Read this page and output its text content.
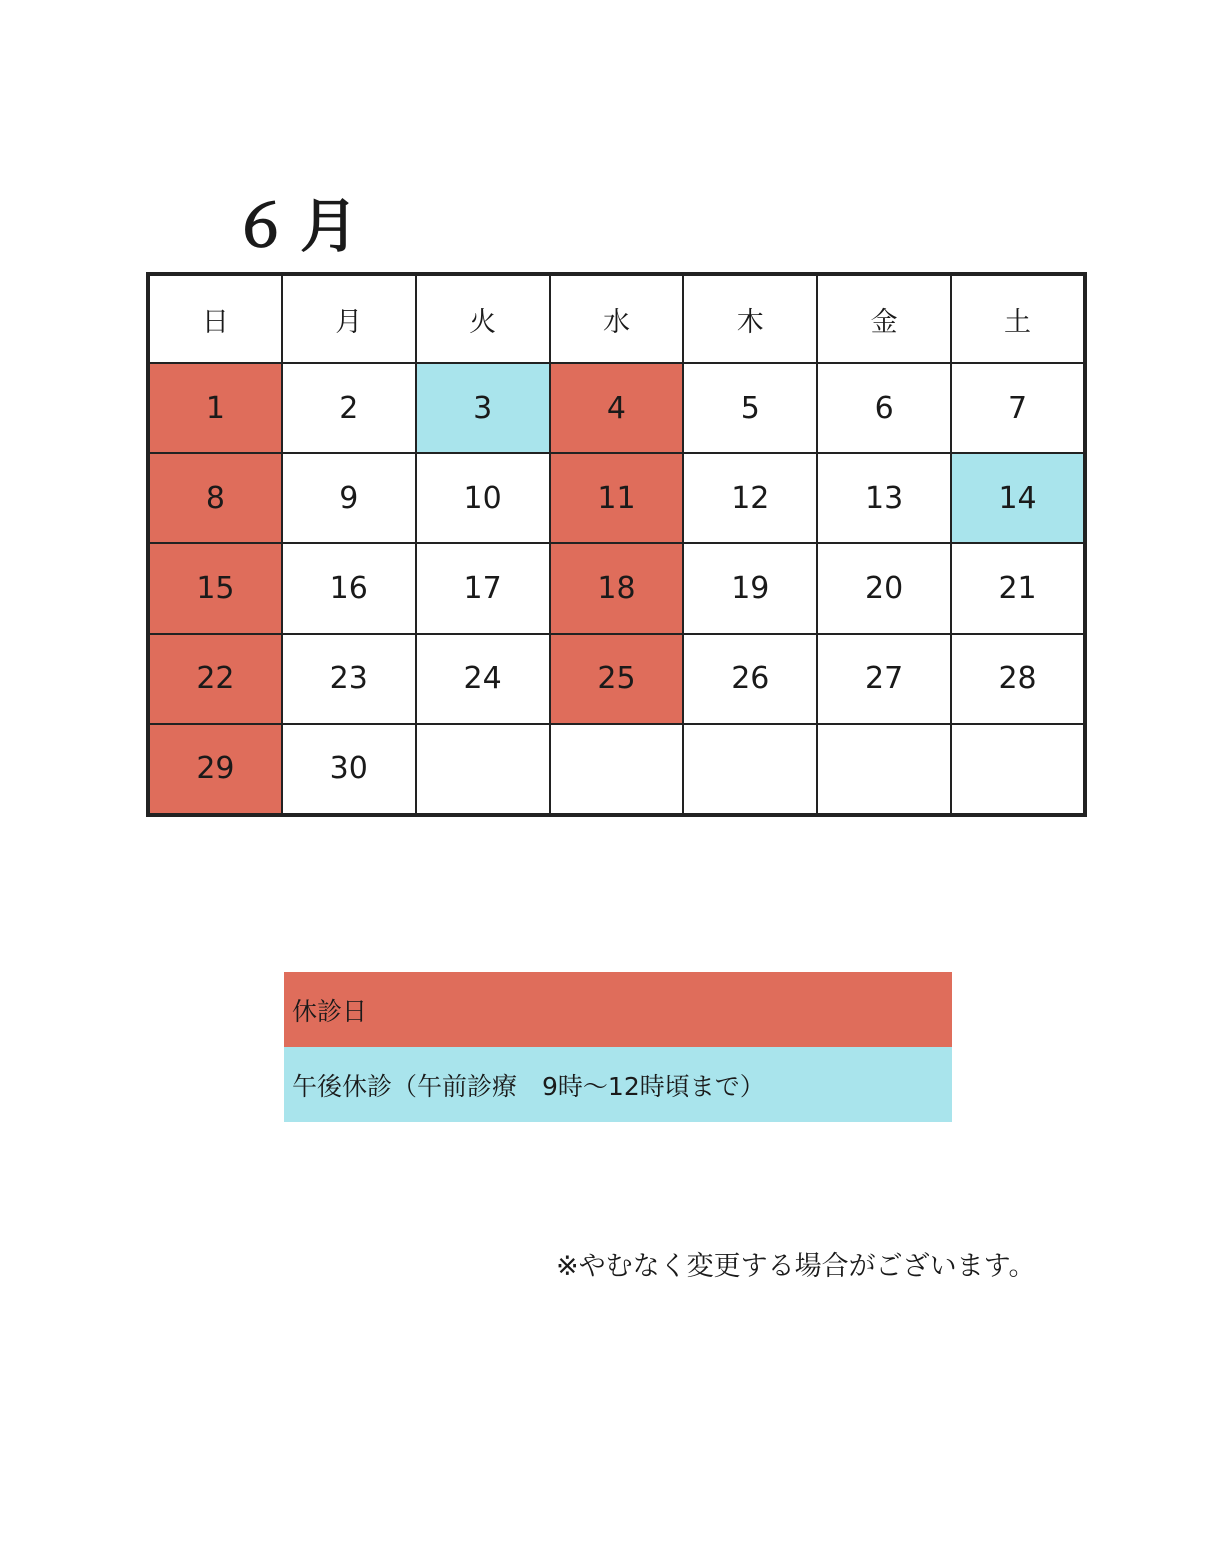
６月
日	月	火	水	木	金	土
1	2	3	4	5	6	7
8	9	10	11	12	13	14
15	16	17	18	19	20	21
22	23	24	25	26	27	28
29	30					
休診日
午後休診（午前診療　9時～12時頃まで）
※やむなく変更する場合がございます。
